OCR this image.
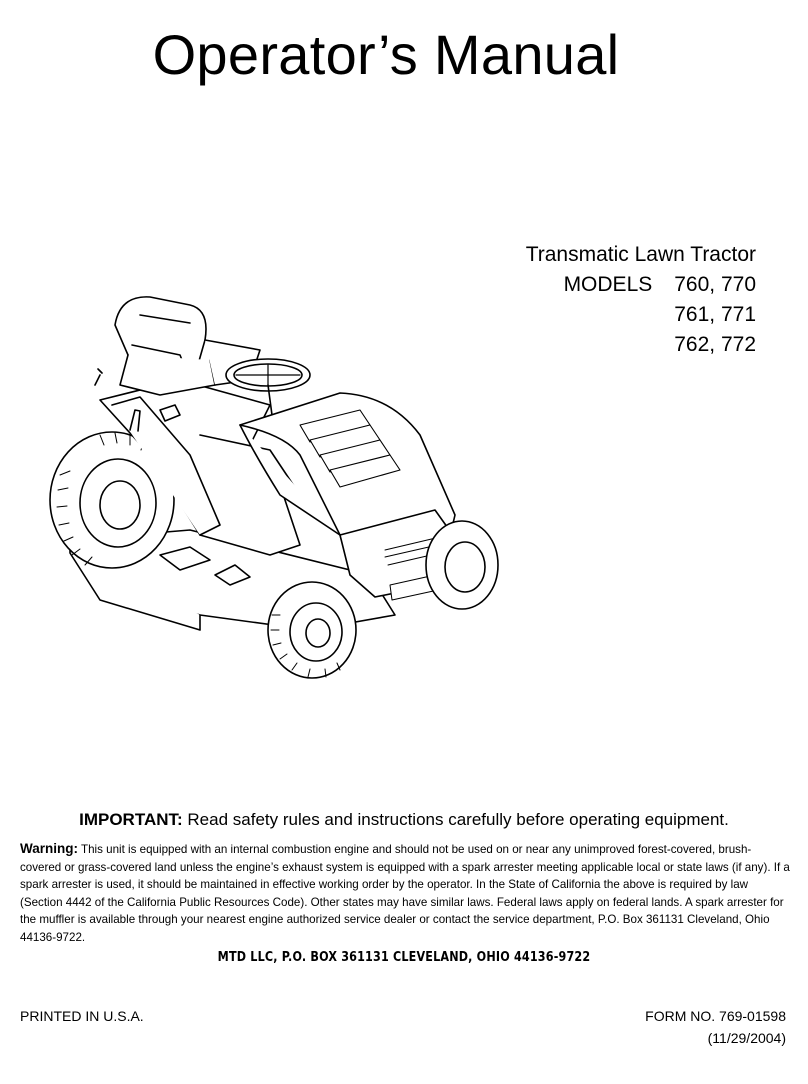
Operator’s Manual
Transmatic Lawn Tractor
MODELS 760, 770
761, 771
762, 772
IMPORTANT: Read safety rules and instructions carefully before operating equipment.
Warning: This unit is equipped with an internal combustion engine and should not be used on or near any unimproved forest-covered, brush-covered or grass-covered land unless the engine’s exhaust system is equipped with a spark arrester meeting applicable local or state laws (if any). If a spark arrester is used, it should be maintained in effective working order by the operator. In the State of California the above is required by law (Section 4442 of the California Public Resources Code). Other states may have similar laws. Federal laws apply on federal lands. A spark arrester for the muffler is available through your nearest engine authorized service dealer or contact the service department, P.O. Box 361131 Cleveland, Ohio 44136-9722.
MTD LLC, P.O. BOX 361131 CLEVELAND, OHIO 44136-9722
PRINTED IN U.S.A.	FORM NO. 769-01598
(11/29/2004)
